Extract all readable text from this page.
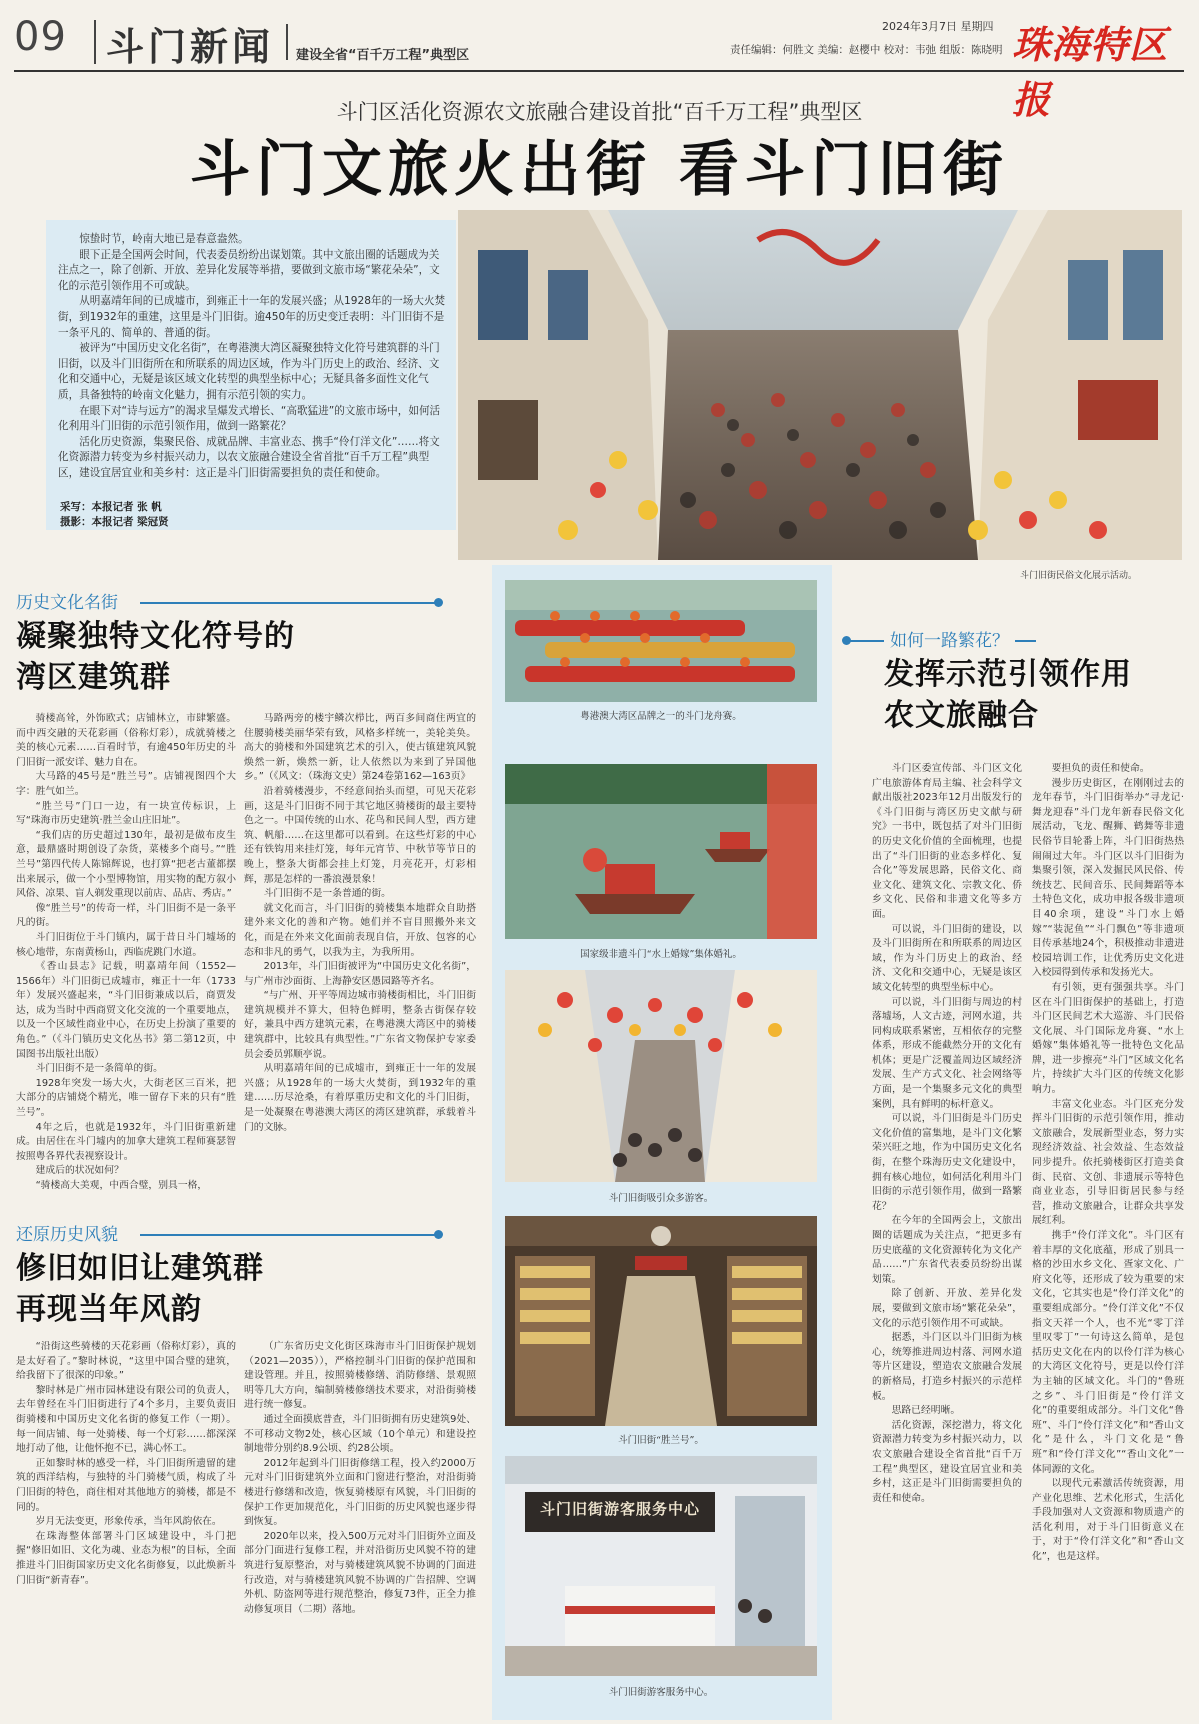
09 斗门新闻 建设全省“百千万工程”典型区
2024年3月7日 星期四
责任编辑：何胜文 美编：赵樱中 校对：韦弛 组版：陈晓明 珠海特区报
斗门区活化资源农文旅融合建设首批“百千万工程”典型区
斗门文旅火出街 看斗门旧街

惊蛰时节，岭南大地已是春意盎然。

眼下正是全国两会时间，代表委员纷纷出谋划策。其中文旅出圈的话题成为关注点之一，除了创新、开放、差异化发展等举措，要做到文旅市场“繁花朵朵”，文化的示范引领作用不可或缺。

从明嘉靖年间的已成墟市，到雍正十一年的发展兴盛；从1928年的一场大火焚街，到1932年的重建，这里是斗门旧街。逾450年的历史变迁表明：斗门旧街不是一条平凡的、简单的、普通的街。

被评为“中国历史文化名街”，在粤港澳大湾区凝聚独特文化符号建筑群的斗门旧街，以及斗门旧街所在和所联系的周边区域，作为斗门历史上的政治、经济、文化和交通中心，无疑是该区域文化转型的典型坐标中心；无疑具备多面性文化气质，具备独特的岭南文化魅力，拥有示范引领的实力。

在眼下对“诗与远方”的渴求呈爆发式增长、“高歌猛进”的文旅市场中，如何活化利用斗门旧街的示范引领作用，做到一路繁花？

活化历史资源，集聚民俗、成就品牌、丰富业态、携手“伶仃洋文化”……将文化资源潜力转变为乡村振兴动力，以农文旅融合建设全省首批“百千万工程”典型区，建设宜居宜业和美乡村：这正是斗门旧街需要担负的责任和使命。

采写：本报记者 张 帆
摄影：本报记者 梁冠贤
斗门旧街民俗文化展示活动。
粤港澳大湾区品牌之一的斗门龙舟赛。
国家级非遗斗门“水上婚嫁”集体婚礼。
斗门旧街吸引众多游客。
斗门旧街“胜兰号”。
斗门旧街游客服务中心
斗门旧街游客服务中心。
历史文化名街
凝聚独特文化符号的
湾区建筑群

骑楼高耸，外饰欧式；店铺林立，市肆繁盛。而中西交融的天花彩画（俗称灯彩），成就骑楼之美的核心元素……百看时节，有逾450年历史的斗门旧街一派安详、魅力自在。

大马路的45号是“胜兰号”。店铺视图四个大字：胜气如兰。

“胜兰号”门口一边，有一块宣传标识，上写“珠海市历史建筑·胜兰金山庄旧址”。

“我们店的历史超过130年，最初是做布皮生意，最鼎盛时期创设了杂货，菜楼多个商号。”“胜兰号”第四代传人陈锦辉说，也打算“把老古董都摆出来展示，做一个小型博物馆，用实物的配方叙小风俗、凉果、盲人剃发重现以前店、品店、秀店。”

像“胜兰号”的传奇一样，斗门旧街不是一条平凡的街。

斗门旧街位于斗门镇内，属于昔日斗门墟场的核心地带，东南黄杨山，西临虎跳门水道。

《香山县志》记载，明嘉靖年间（1552—1566年）斗门旧街已成墟市，雍正十一年（1733年）发展兴盛起来，“斗门旧街兼成以后，商贾发达，成为当时中西商贸文化交流的一个重要地点，以及一个区域性商业中心，在历史上扮演了重要的角色。”（《斗门镇历史文化丛书》第二第12页，中国图书出版社出版）

斗门旧街不是一条简单的街。

1928年突发一场大火，大街老区三百米，把大部分的店铺烧个精光，唯一留存下来的只有“胜兰号”。

4年之后，也就是1932年，斗门旧街重新建成。由居住在斗门墟内的加拿大建筑工程师赛瑟智按照粤各界代表视察设计。

建成后的状况如何？

“骑楼高大美观，中西合璧，别具一格，

马路两旁的楼宇鳞次栉比，两百多间商住两宜的住腰骑楼美丽华荣有致，风格多样统一，美轮美奂。高大的骑楼和外国建筑艺术的引入，使古镇建筑风貌焕然一新，焕然一新，让人依然以为来到了异国他乡。”（《风文：（珠海文史）第24卷第162—163页》

沿着骑楼漫步，不经意间抬头而望，可见天花彩画，这是斗门旧街不同于其它地区骑楼街的最主要特色之一。中国传统的山水、花鸟和民间人型，西方建筑、帆船……在这里都可以看到。在这些灯彩的中心还有铁钩用来挂灯笼，每年元宵节、中秋节等节日的晚上，整条大街都会挂上灯笼，月亮花开，灯彩相辉，那是怎样的一番浪漫景象！

斗门旧街不是一条普通的街。

就文化而言，斗门旧街的骑楼集本地群众自助搭建外来文化的善和产物。她们并不盲目照搬外来文化，而是在外来文化面前表现自信，开放、包容的心态和非凡的勇气，以我为主，为我所用。

2013年，斗门旧街被评为“中国历史文化名街”，与广州市沙面街、上海静安区愚园路等齐名。

“与广州、开平等周边城市骑楼街相比，斗门旧街建筑规模并不算大，但特色鲜明，整条古街保存较好，兼具中西方建筑元素，在粤港澳大湾区中的骑楼建筑群中，比较具有典型性。”广东省文物保护专家委员会委员郭顺亭说。

从明嘉靖年间的已成墟市，到雍正十一年的发展兴盛；从1928年的一场大火焚街，到1932年的重建……历尽沧桑，有着厚重历史和文化的斗门旧街，是一处凝聚在粤港澳大湾区的湾区建筑群，承载着斗门的文脉。

还原历史风貌
修旧如旧让建筑群
再现当年风韵

“沿街这些骑楼的天花彩画（俗称灯彩），真的是太好看了。”黎时林说，“这里中国合璧的建筑，给我留下了很深的印象。”

黎时林是广州市园林建设有限公司的负责人，去年曾经在斗门旧街进行了4个多月，主要负责旧街骑楼和中国历史文化名街的修复工作（一期）。每一间店铺、每一处骑楼、每一个灯彩……都深深地打动了他，让他怀抱不已，满心怀工。

正如黎时林的感受一样，斗门旧街所遗留的建筑的西洋结构，与独特的斗门骑楼气质，构成了斗门旧街的特色，商住相对其他地方的骑楼，都是不同的。

岁月无法变更，形象传承，当年风韵依在。

在珠海整体部署斗门区域建设中，斗门把握“修旧如旧、文化为魂、业态为根”的目标，全面推进斗门旧街国家历史文化名街修复，以此焕新斗门旧街“新青春”。

（广东省历史文化街区珠海市斗门旧街保护规划（2021—2035）），严格控制斗门旧街的保护范围和建设管理。并且，按照骑楼修缮、消防修缮、景观照明等几大方向，编制骑楼修缮技术要求，对沿街骑楼进行统一修复。

通过全面摸底普查，斗门旧街拥有历史建筑9处、不可移动文物2处，核心区域（10个单元）和建设控制地带分别约8.9公顷、约28公顷。

2012年起到斗门旧街修缮工程，投入约2000万元对斗门旧街建筑外立面和门窗进行整治，对沿街骑楼进行修缮和改造，恢复骑楼原有风貌，斗门旧街的保护工作更加规范化，斗门旧街的历史风貌也逐步得到恢复。

2020年以来，投入500万元对斗门旧街外立面及部分门面进行复修工程，并对沿街历史风貌不符的建筑进行复原整治，对与骑楼建筑风貌不协调的门面进行改造，对与骑楼建筑风貌不协调的广告招牌、空调外机、防盗网等进行规范整治，修复73件，正全力推动修复项目（二期）落地。

如何一路繁花？
发挥示范引领作用
农文旅融合

斗门区委宣传部、斗门区文化广电旅游体育局主编、社会科学文献出版社2023年12月出版发行的《斗门旧街与湾区历史文献与研究》一书中，既包括了对斗门旧街的历史文化价值的全面梳理，也提出了“斗门旧街的业态多样化、复合化”等发展思路，民俗文化、商业文化、建筑文化、宗教文化、侨乡文化、民俗和非遗文化等多方面。

可以说，斗门旧街的建设，以及斗门旧街所在和所联系的周边区域，作为斗门历史上的政治、经济、文化和交通中心，无疑是该区域文化转型的典型坐标中心。

可以说，斗门旧街与周边的村落墟场，人文古迹，河网水道，共同构成联系紧密，互相依存的完整体系，形成不能截然分开的文化有机体；更是广泛覆盖周边区域经济发展、生产方式文化、社会网络等方面，是一个集聚多元文化的典型案例，具有鲜明的标杆意义。

可以说，斗门旧街是斗门历史文化价值的富集地，是斗门文化繁荣兴旺之地，作为中国历史文化名街，在整个珠海历史文化建设中，拥有核心地位，如何活化利用斗门旧街的示范引领作用，做到一路繁花？

在今年的全国两会上，文旅出圈的话题成为关注点，“把更多有历史底蕴的文化资源转化为文化产品……”广东省代表委员纷纷出谋划策。

除了创新、开放、差异化发展，要做到文旅市场“繁花朵朵”，文化的示范引领作用不可或缺。

据悉，斗门区以斗门旧街为核心，统筹推进周边村落、河网水道等片区建设，塑造农文旅融合发展的新格局，打造乡村振兴的示范样板。

思路已经明晰。

活化资源，深挖潜力，将文化资源潜力转变为乡村振兴动力，以农文旅融合建设全省首批“百千万工程”典型区，建设宜居宜业和美乡村，这正是斗门旧街需要担负的责任和使命。

要担负的责任和使命。

漫步历史街区，在刚刚过去的龙年春节，斗门旧街举办“寻龙记·舞龙迎春”斗门龙年新春民俗文化展活动，飞龙、醒狮、鹤舞等非遗民俗节目轮番上阵，斗门旧街热热闹闹过大年。斗门区以斗门旧街为集聚引领，深入发掘民风民俗、传统技艺、民间音乐、民间舞蹈等本土特色文化，成功申报各级非遗项目40余项，建设“斗门水上婚嫁”“装泥鱼”“斗门飘色”等非遗项目传承基地24个，积极推动非遗进校园培训工作，让优秀历史文化进入校园得到传承和发扬光大。

有引领，更有强强共享。斗门区在斗门旧街保护的基础上，打造斗门区民间艺术大巡游、斗门民俗文化展、斗门国际龙舟赛、“水上婚嫁”集体婚礼等一批特色文化品牌，进一步擦亮“斗门”区域文化名片，持续扩大斗门区的传统文化影响力。

丰富文化业态。斗门区充分发挥斗门旧街的示范引领作用，推动文旅融合，发展新型业态，努力实现经济效益、社会效益、生态效益同步提升。依托骑楼街区打造美食街、民宿、文创、非遗展示等特色商业业态，引导旧街居民参与经营，推动文旅融合，让群众共享发展红利。

携手“伶仃洋文化”。斗门区有着丰厚的文化底蕴，形成了别具一格的沙田水乡文化、疍家文化、广府文化等，还形成了较为重要的宋文化，它其实也是“伶仃洋文化”的重要组成部分。“伶仃洋文化”不仅指文天祥一个人，也不光“零丁洋里叹零丁”一句诗这么简单，是包括历史文化在内的以伶仃洋为核心的大湾区文化符号，更是以伶仃洋为主轴的区域文化。斗门的“鲁班之乡”、斗门旧街是“伶仃洋文化”的重要组成部分。斗门文化“鲁班”、斗门“伶仃洋文化”和“香山文化”是什么，斗门文化是“鲁班”和“伶仃洋文化”“香山文化”一体同源的文化。

以现代元素激活传统资源，用产业化思维、艺术化形式，生活化手段加强对人文资源和物质遗产的活化利用，对于斗门旧街意义在于，对于“伶仃洋文化”和“香山文化”，也是这样。
